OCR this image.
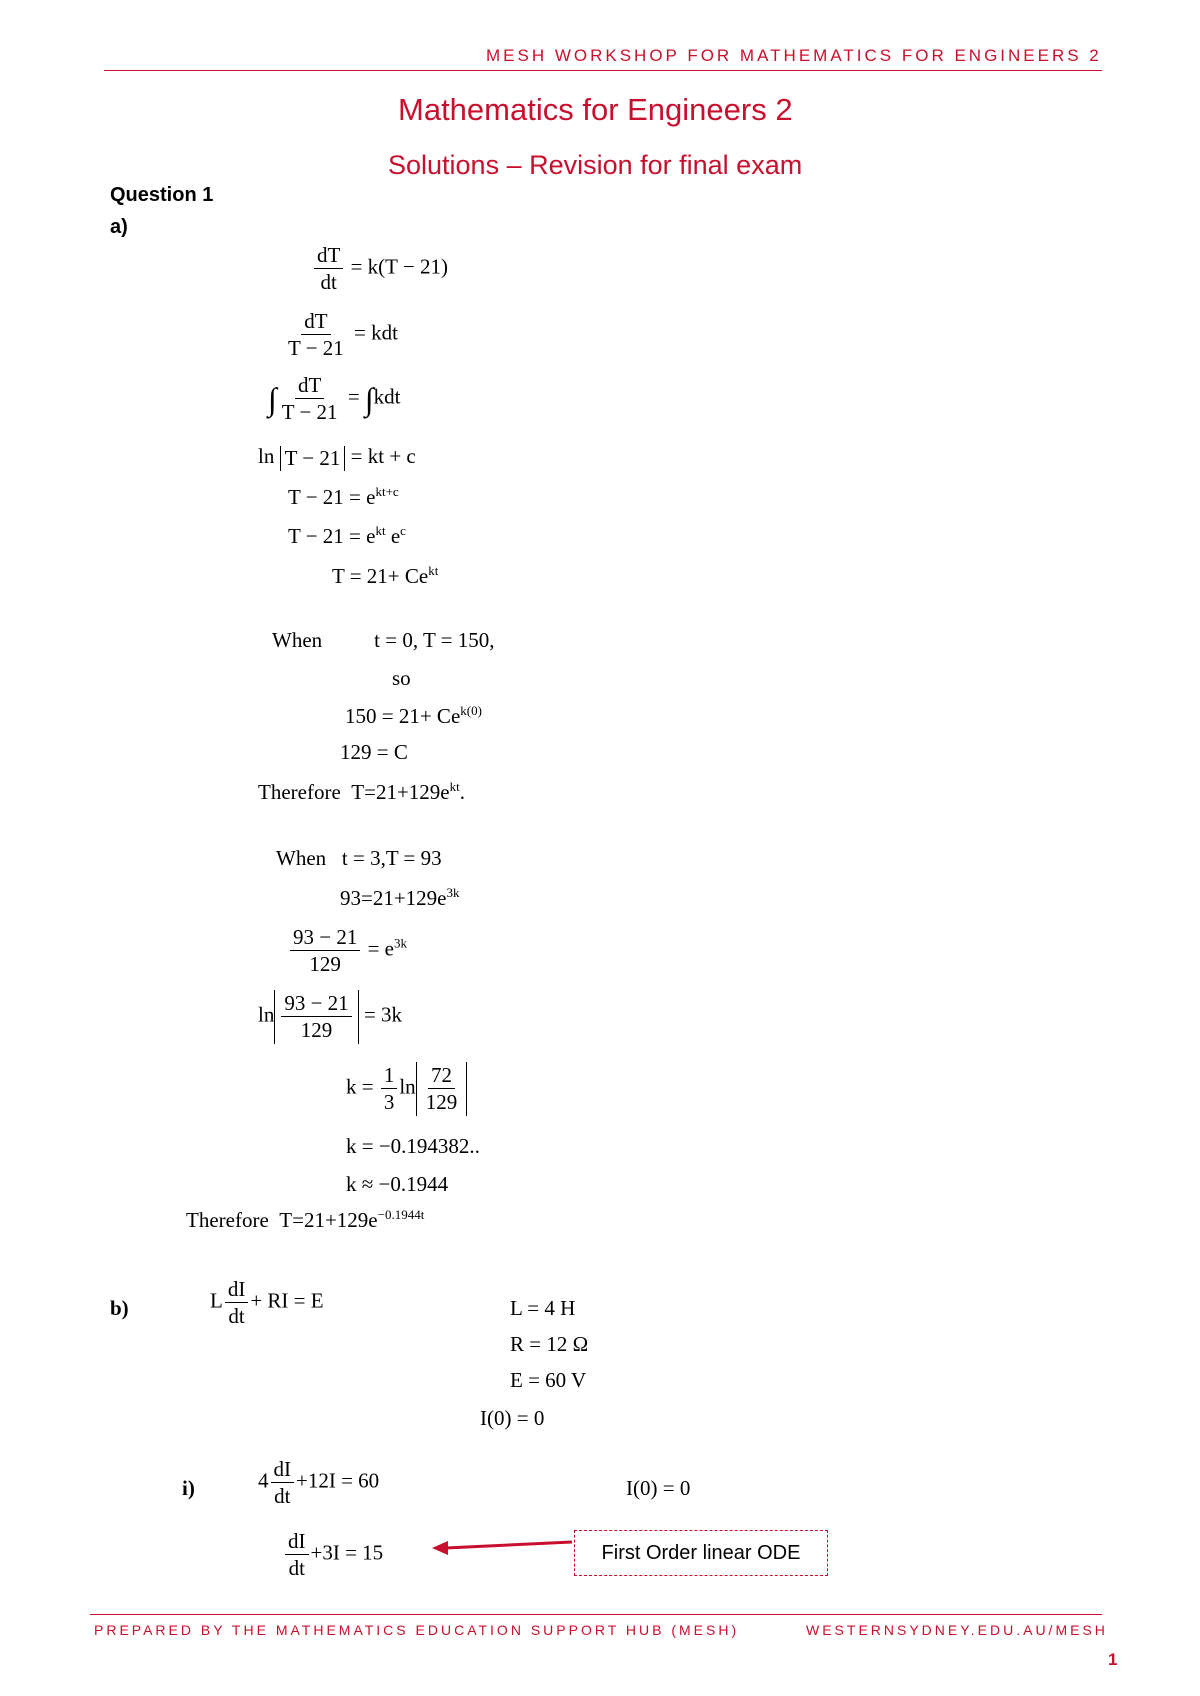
MESH WORKSHOP FOR MATHEMATICS FOR ENGINEERS 2
Mathematics for Engineers 2
Solutions – Revision for final exam
Question 1
a)
$\frac{dT}{dt} = k(T - 21)$
$\frac{dT}{T - 21}$ = kdt
∫ $\frac{dT}{T - 21} = \int kdt$
ln T − 21 = kt + c
$T - 21 = e^{kt+c}$
$T - 21 = e^{kt}$ $e^c$
$T = 21+ Ce^{kt}$
When t = 0, T = 150,
so
$150 = 21+ Ce^{k(0)}$
129 = C
Therefore $T=21+129e^{kt}$.
When t = 3,T = 93
$93=21+129e^{3k}$
$\frac{93 - 21}{129} = e^{3k}$
$\ln \frac{93 - 21}{129} = 3k$
$k = \frac{1}{3}$ $\ln \frac{72}{129}$
k = −0.194382..
k ≈ −0.1944
Therefore $T=21+129e^{-0.1944t}$
b)	L $\frac{dI}{dt}$ + RI = E	L = 4 H
R = 12 Ω
E = 60 V
I(0) = 0
i)	$4 \frac{dI}{dt} +12I = 60$	I(0) = 0
$\frac{dI}{dt} +3I = 15$	First Order linear ODE
PREPARED BY THE MATHEMATICS EDUCATION SUPPORT HUB (MESH)	WESTERNSYDNEY.EDU.AU/MESH
1
